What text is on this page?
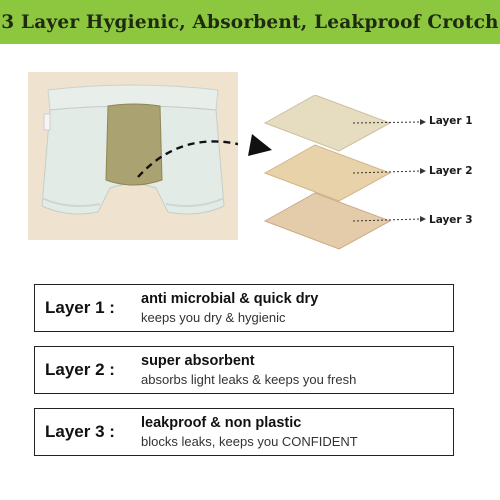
3 Layer Hygienic, Absorbent, Leakproof Crotch
Layer 1
Layer 2
Layer 3
Layer 1 : anti microbial & quick dry
keeps you dry & hygienic
Layer 2 : super absorbent
absorbs light leaks & keeps you fresh
Layer 3 : leakproof & non plastic
blocks leaks, keeps you CONFIDENT
